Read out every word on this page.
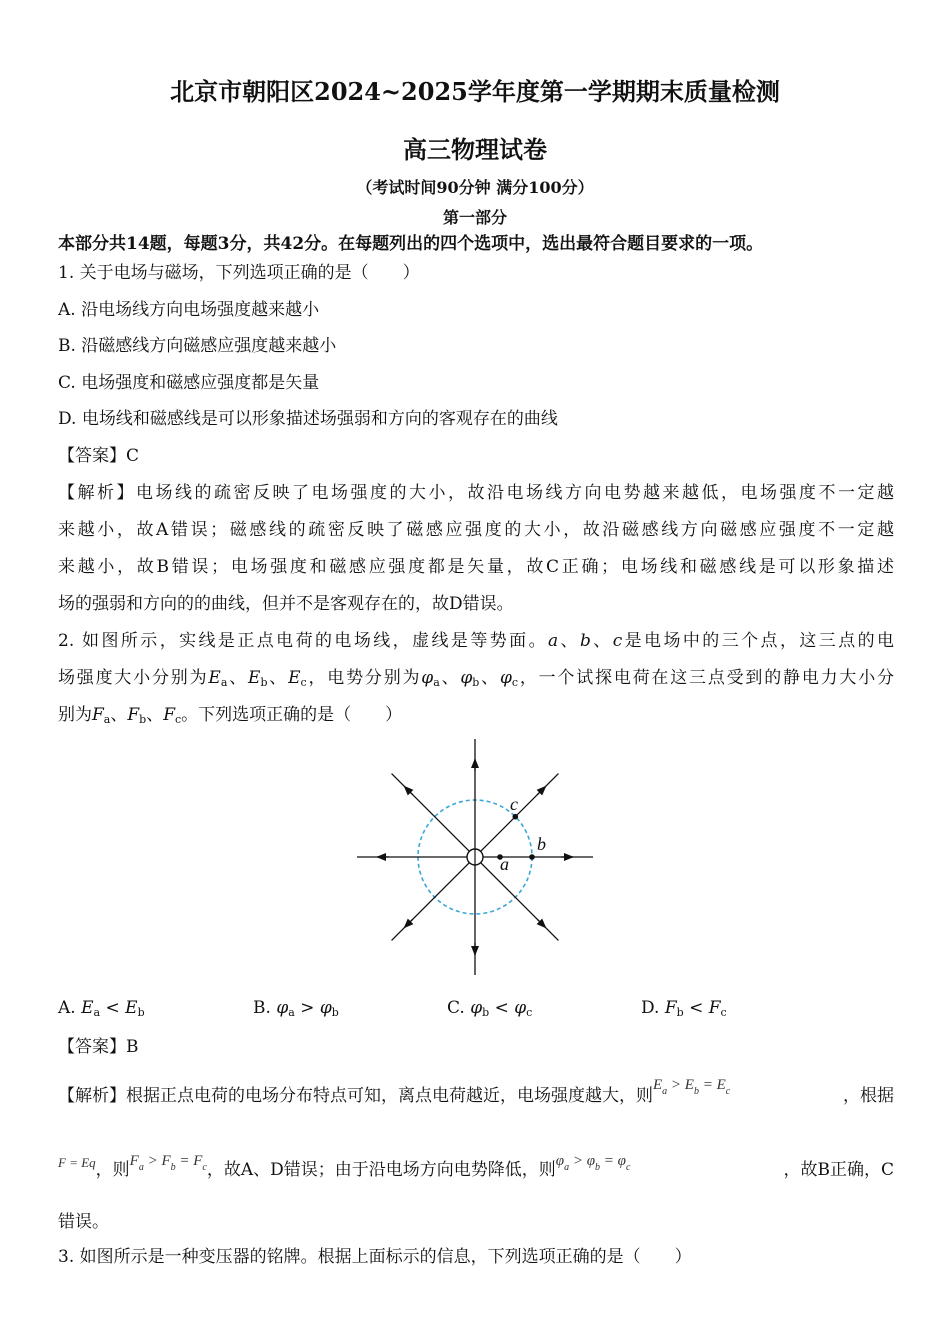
北京市朝阳区2024~2025学年度第一学期期末质量检测
高三物理试卷
（考试时间90分钟 满分100分）
第一部分
本部分共14题，每题3分，共42分。在每题列出的四个选项中，选出最符合题目要求的一项。
1. 关于电场与磁场，下列选项正确的是（　　）
A. 沿电场线方向电场强度越来越小
B. 沿磁感线方向磁感应强度越来越小
C. 电场强度和磁感应强度都是矢量
D. 电场线和磁感线是可以形象描述场强弱和方向的客观存在的曲线
【答案】C
【解析】电场线的疏密反映了电场强度的大小，故沿电场线方向电势越来越低，电场强度不一定越
来越小，故A错误；磁感线的疏密反映了磁感应强度的大小，故沿磁感线方向磁感应强度不一定越
来越小，故B错误；电场强度和磁感应强度都是矢量，故C正确；电场线和磁感线是可以形象描述
场的强弱和方向的的曲线，但并不是客观存在的，故D错误。
2. 如图所示，实线是正点电荷的电场线，虚线是等势面。a、b、c是电场中的三个点，这三点的电
场强度大小分别为$E_a$、$E_b$、$E_c$，电势分别为$\varphi_a$、$\varphi_b$、$\varphi_c$，一个试探电荷在这三点受到的静电力大小分
别为$F_a$、$F_b$、$F_c$。下列选项正确的是（　　）
a
b
c
A. $E_a < E_b$	B. $\varphi_a > \varphi_b$	C. $\varphi_b < \varphi_c$	D. $F_b < F_c$
【答案】B
【解析】根据正点电荷的电场分布特点可知，离点电荷越近，电场强度越大，则$E_a > E_b = E_c$	，根据
$^{F = Eq}$，则$F_a > F_b = F_c$，故A、D错误；由于沿电场方向电势降低，则$\varphi_a > \varphi_b = \varphi_c$	，故B正确，C
错误。
3. 如图所示是一种变压器的铭牌。根据上面标示的信息，下列选项正确的是（　　）
